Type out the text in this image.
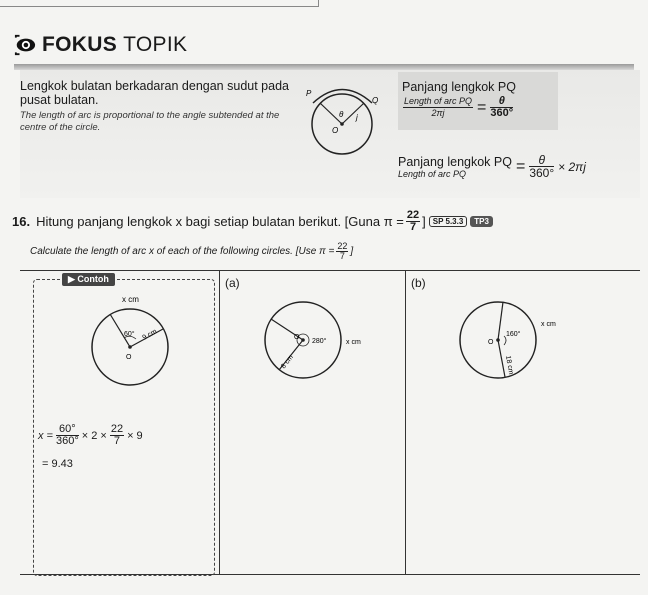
FOKUS TOPIK
Lengkok bulatan berkadaran dengan sudut pada pusat bulatan.
The length of arc is proportional to the angle subtended at the centre of the circle.
P
Q
θ
O
j
Panjang lengkok PQ
$\frac{\text{Length of arc PQ}}{2\pi j} = \frac{\theta}{360^\circ}$
Panjang lengkok PQ
Length of arc PQ	= $\frac{\theta}{360^\circ} \times 2\pi j$
16. Hitung panjang lengkok x bagi setiap bulatan berikut. [Guna $\pi = \frac{22}{7}$ ] SP 5.3.3	TP3
Calculate the length of arc x of each of the following circles. [Use $\pi = \frac{22}{7}$ ]
▶ Contoh
x cm
60° 9 cm
O
$x = \frac{60^\circ}{360^\circ} \times 2 \times \frac{22}{7} \times 9$
= 9.43
(a)
O
280°	x cm
8 cm
(b)
O
160°
x cm
18 cm
